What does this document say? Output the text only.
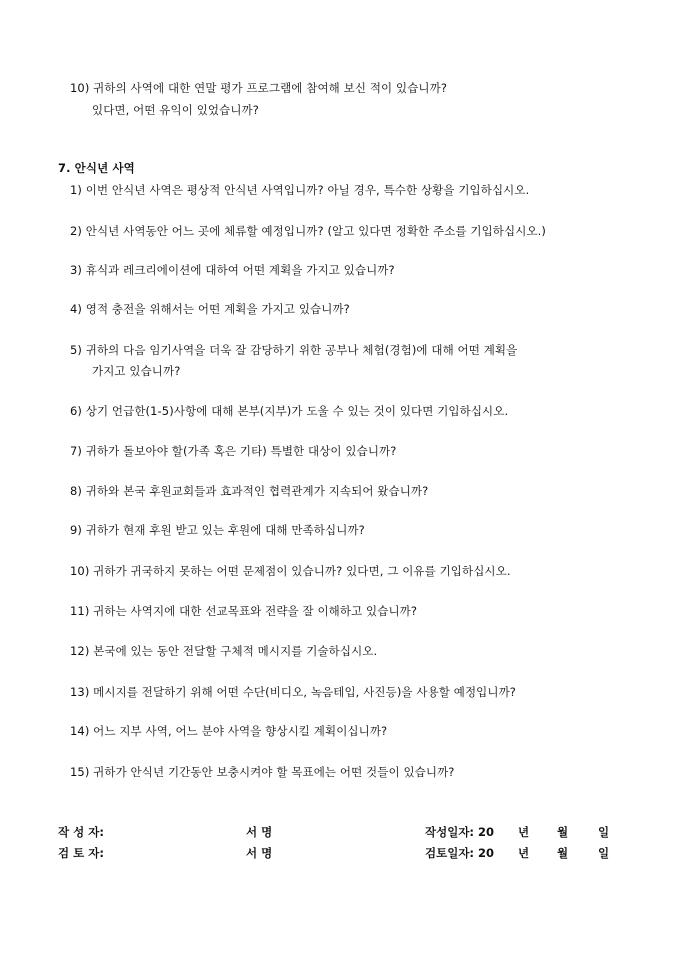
10) 귀하의 사역에 대한 연말 평가 프로그램에 참여해 보신 적이 있습니까?
있다면, 어떤 유익이 있었습니까?
7. 안식년 사역
1) 이번 안식년 사역은 평상적 안식년 사역입니까? 아닐 경우, 특수한 상황을 기입하십시오.
2) 안식년 사역동안 어느 곳에 체류할 예정입니까? (알고 있다면 정확한 주소를 기입하십시오.)
3) 휴식과 레크리에이션에 대하여 어떤 계획을 가지고 있습니까?
4) 영적 충전을 위해서는 어떤 계획을 가지고 있습니까?
5) 귀하의 다음 임기사역을 더욱 잘 감당하기 위한 공부나 체험(경험)에 대해 어떤 계획을
가지고 있습니까?
6) 상기 언급한(1-5)사항에 대해 본부(지부)가 도울 수 있는 것이 있다면 기입하십시오.
7) 귀하가 돌보아야 할(가족 혹은 기타) 특별한 대상이 있습니까?
8) 귀하와 본국 후원교회들과 효과적인 협력관계가 지속되어 왔습니까?
9) 귀하가 현재 후원 받고 있는 후원에 대해 만족하십니까?
10) 귀하가 귀국하지 못하는 어떤 문제점이 있습니까? 있다면, 그 이유를 기입하십시오.
11) 귀하는 사역지에 대한 선교목표와 전략을 잘 이해하고 있습니까?
12) 본국에 있는 동안 전달할 구체적 메시지를 기술하십시오.
13) 메시지를 전달하기 위해 어떤 수단(비디오, 녹음테입, 사진등)을 사용할 예정입니까?
14) 어느 지부 사역, 어느 분야 사역을 향상시킬 계획이십니까?
15) 귀하가 안식년 기간동안 보충시켜야 할 목표에는 어떤 것들이 있습니까?
작 성 자:	서 명	작성일자: 20 년 월	일
검 토 자:	서 명	검토일자: 20 년 월	일
